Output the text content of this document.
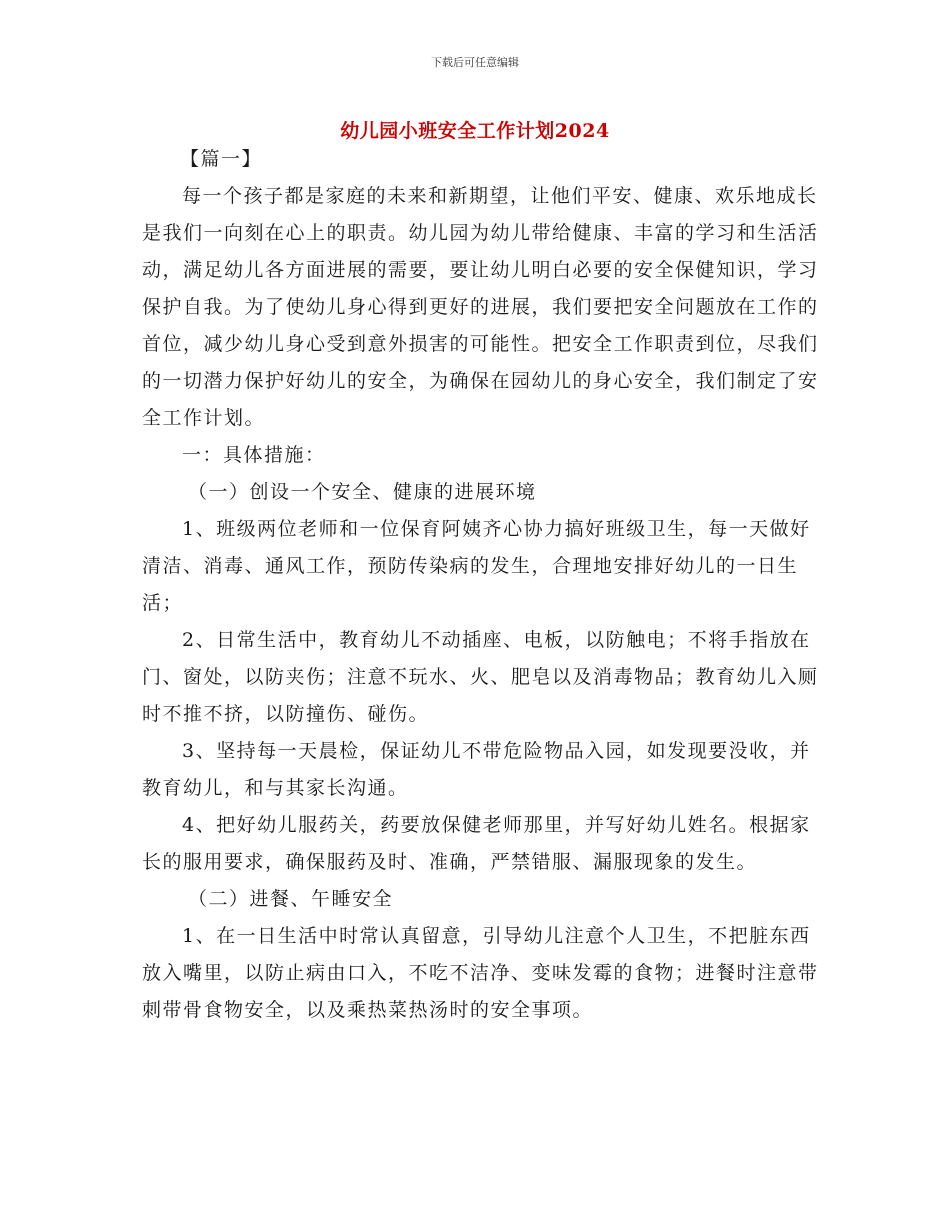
下载后可任意编辑
幼儿园小班安全工作计划2024

【篇一】

每一个孩子都是家庭的未来和新期望，让他们平安、健康、欢乐地成长是我们一向刻在心上的职责。幼儿园为幼儿带给健康、丰富的学习和生活活动，满足幼儿各方面进展的需要，要让幼儿明白必要的安全保健知识，学习保护自我。为了使幼儿身心得到更好的进展，我们要把安全问题放在工作的首位，减少幼儿身心受到意外损害的可能性。把安全工作职责到位，尽我们的一切潜力保护好幼儿的安全，为确保在园幼儿的身心安全，我们制定了安全工作计划。

一：具体措施：

（一）创设一个安全、健康的进展环境

1、班级两位老师和一位保育阿姨齐心协力搞好班级卫生，每一天做好清洁、消毒、通风工作，预防传染病的发生，合理地安排好幼儿的一日生活；

2、日常生活中，教育幼儿不动插座、电板，以防触电；不将手指放在门、窗处，以防夹伤；注意不玩水、火、肥皂以及消毒物品；教育幼儿入厕时不推不挤，以防撞伤、碰伤。

3、坚持每一天晨检，保证幼儿不带危险物品入园，如发现要没收，并教育幼儿，和与其家长沟通。

4、把好幼儿服药关，药要放保健老师那里，并写好幼儿姓名。根据家长的服用要求，确保服药及时、准确，严禁错服、漏服现象的发生。

（二）进餐、午睡安全

1、在一日生活中时常认真留意，引导幼儿注意个人卫生，不把脏东西放入嘴里，以防止病由口入，不吃不洁净、变味发霉的食物；进餐时注意带刺带骨食物安全，以及乘热菜热汤时的安全事项。
